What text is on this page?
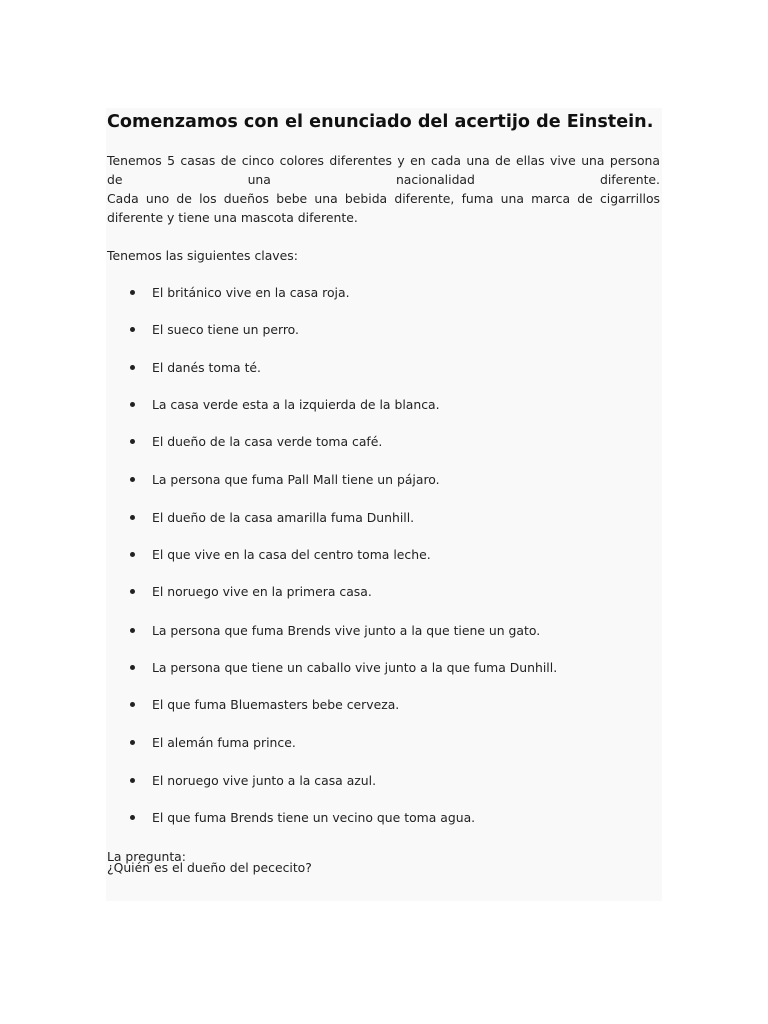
Comenzamos con el enunciado del acertijo de Einstein.
Tenemos 5 casas de cinco colores diferentes y en cada una de ellas vive una persona
de una nacionalidad diferente.
Cada uno de los dueños bebe una bebida diferente, fuma una marca de cigarrillos
diferente y tiene una mascota diferente.

Tenemos las siguientes claves:

El británico vive en la casa roja.
El sueco tiene un perro.
El danés toma té.
La casa verde esta a la izquierda de la blanca.
El dueño de la casa verde toma café.
La persona que fuma Pall Mall tiene un pájaro.
El dueño de la casa amarilla fuma Dunhill.
El que vive en la casa del centro toma leche.
El noruego vive en la primera casa.
La persona que fuma Brends vive junto a la que tiene un gato.
La persona que tiene un caballo vive junto a la que fuma Dunhill.
El que fuma Bluemasters bebe cerveza.
El alemán fuma prince.
El noruego vive junto a la casa azul.
El que fuma Brends tiene un vecino que toma agua.

La pregunta:

¿Quién es el dueño del pececito?
